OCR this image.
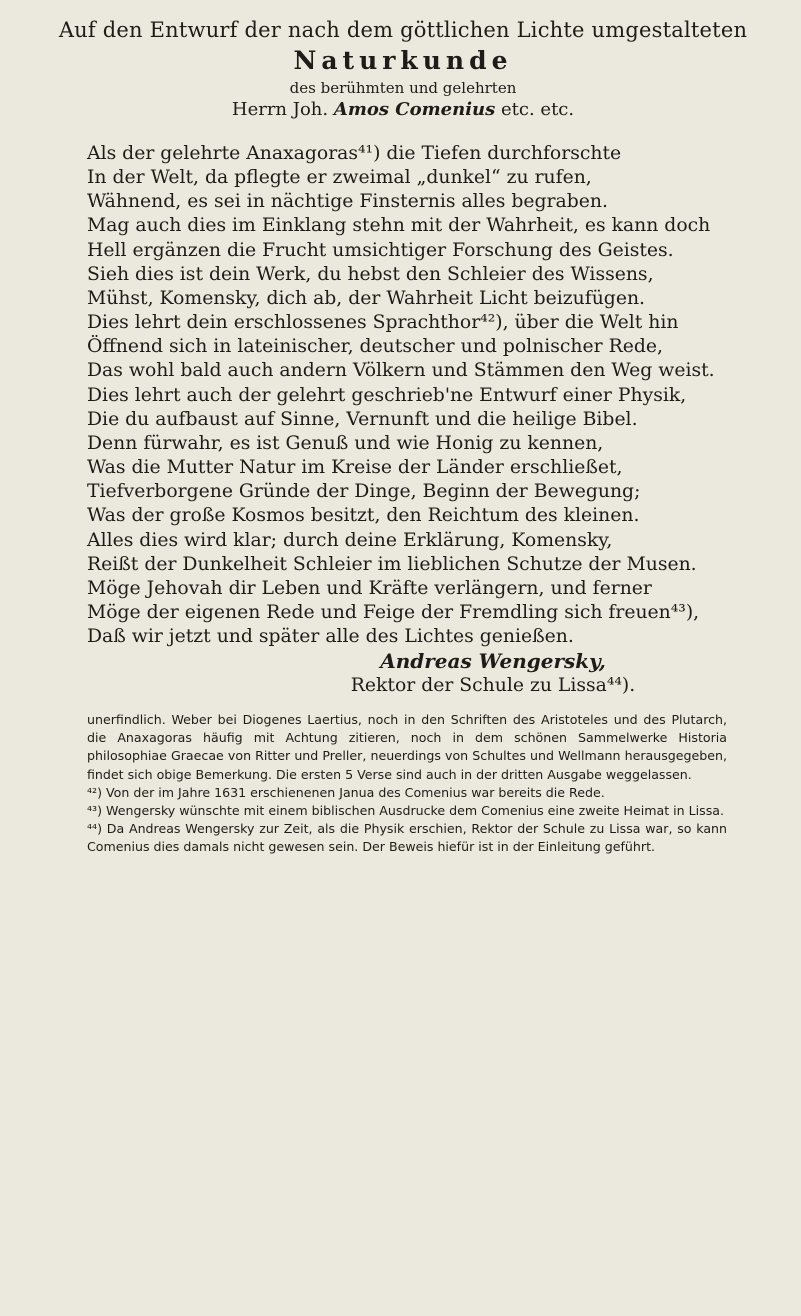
Auf den Entwurf der nach dem göttlichen Lichte umgestalteten
Naturkunde
des berühmten und gelehrten
Herrn Joh. Amos Comenius etc. etc.
Als der gelehrte Anaxagoras⁴¹) die Tiefen durchforschte
In der Welt, da pflegte er zweimal „dunkel“ zu rufen,
Wähnend, es sei in nächtige Finsternis alles begraben.
Mag auch dies im Einklang stehn mit der Wahrheit, es kann doch
Hell ergänzen die Frucht umsichtiger Forschung des Geistes.
Sieh dies ist dein Werk, du hebst den Schleier des Wissens,
Mühst, Komensky, dich ab, der Wahrheit Licht beizufügen.
Dies lehrt dein erschlossenes Sprachthor⁴²), über die Welt hin
Öffnend sich in lateinischer, deutscher und polnischer Rede,
Das wohl bald auch andern Völkern und Stämmen den Weg weist.
Dies lehrt auch der gelehrt geschrieb'ne Entwurf einer Physik,
Die du aufbaust auf Sinne, Vernunft und die heilige Bibel.
Denn fürwahr, es ist Genuß und wie Honig zu kennen,
Was die Mutter Natur im Kreise der Länder erschließet,
Tiefverborgene Gründe der Dinge, Beginn der Bewegung;
Was der große Kosmos besitzt, den Reichtum des kleinen.
Alles dies wird klar; durch deine Erklärung, Komensky,
Reißt der Dunkelheit Schleier im lieblichen Schutze der Musen.
Möge Jehovah dir Leben und Kräfte verlängern, und ferner
Möge der eigenen Rede und Feige der Fremdling sich freuen⁴³),
Daß wir jetzt und später alle des Lichtes genießen.
Andreas Wengersky,
Rektor der Schule zu Lissa⁴⁴).
unerfindlich. Weber bei Diogenes Laertius, noch in den Schriften des Aristoteles und des Plutarch, die Anaxagoras häufig mit Achtung zitieren, noch in dem schönen Sammelwerke Historia philosophiae Graecae von Ritter und Preller, neuerdings von Schultes und Wellmann herausgegeben, findet sich obige Bemerkung. Die ersten 5 Verse sind auch in der dritten Ausgabe weggelassen.
⁴²) Von der im Jahre 1631 erschienenen Janua des Comenius war bereits die Rede.
⁴³) Wengersky wünschte mit einem biblischen Ausdrucke dem Comenius eine zweite Heimat in Lissa.
⁴⁴) Da Andreas Wengersky zur Zeit, als die Physik erschien, Rektor der Schule zu Lissa war, so kann Comenius dies damals nicht gewesen sein. Der Beweis hiefür ist in der Einleitung geführt.
